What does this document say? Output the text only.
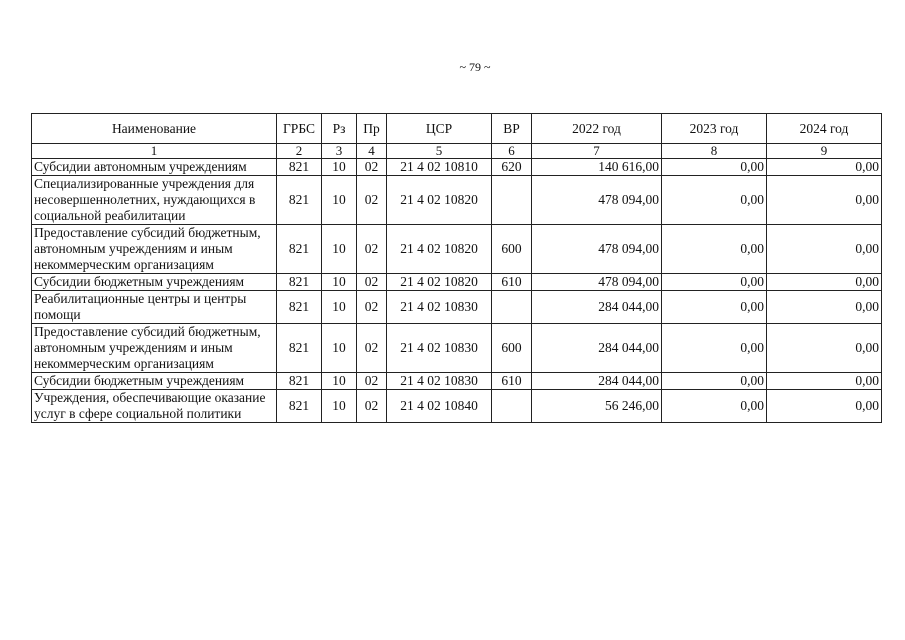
~ 79 ~
Наименование	ГРБС	Рз	Пр	ЦСР	ВР	2022 год	2023 год	2024 год
1	2	3	4	5	6	7	8	9
Субсидии автономным учреждениям	821	10	02	21 4 02 10810	620	140 616,00	0,00	0,00
Специализированные учреждения для несовершеннолетних, нуждающихся в социальной реабилитации	821	10	02	21 4 02 10820		478 094,00	0,00	0,00
Предоставление субсидий бюджетным, автономным учреждениям и иным некоммерческим организациям	821	10	02	21 4 02 10820	600	478 094,00	0,00	0,00
Субсидии бюджетным учреждениям	821	10	02	21 4 02 10820	610	478 094,00	0,00	0,00
Реабилитационные центры и центры помощи	821	10	02	21 4 02 10830		284 044,00	0,00	0,00
Предоставление субсидий бюджетным, автономным учреждениям и иным некоммерческим организациям	821	10	02	21 4 02 10830	600	284 044,00	0,00	0,00
Субсидии бюджетным учреждениям	821	10	02	21 4 02 10830	610	284 044,00	0,00	0,00
Учреждения, обеспечивающие оказание услуг в сфере социальной политики	821	10	02	21 4 02 10840		56 246,00	0,00	0,00
